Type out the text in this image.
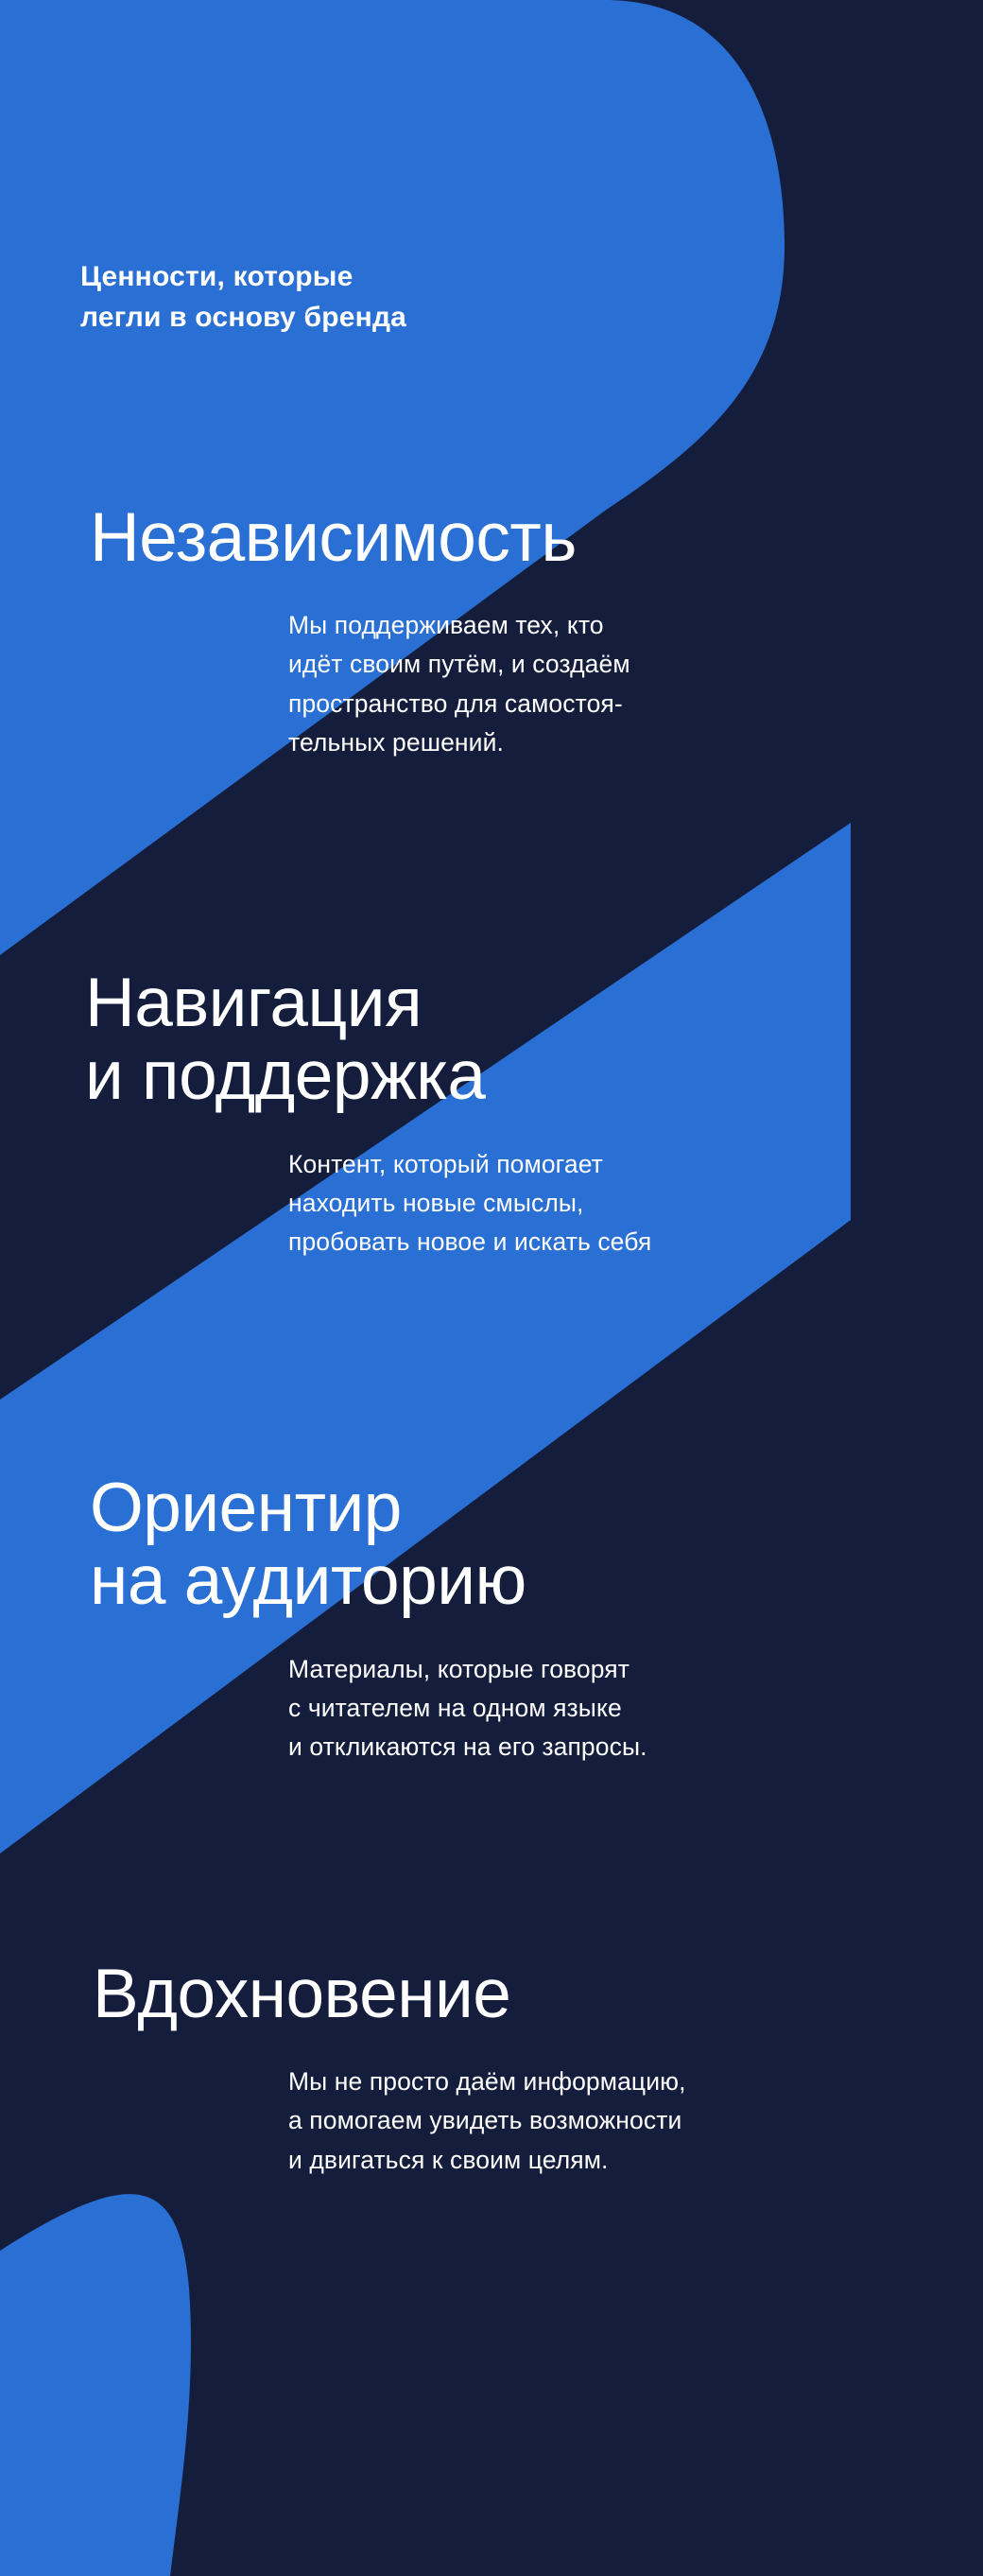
Ценности, которые
легли в основу бренда
Независимость
Мы поддерживаем тех, кто
идёт своим путём, и создаём
пространство для самостоя-
тельных решений.
Навигация
и поддержка
Контент, который помогает
находить новые смыслы,
пробовать новое и искать себя
Ориентир
на аудиторию
Материалы, которые говорят
с читателем на одном языке
и откликаются на его запросы.
Вдохновение
Мы не просто даём информацию,
а помогаем увидеть возможности
и двигаться к своим целям.
